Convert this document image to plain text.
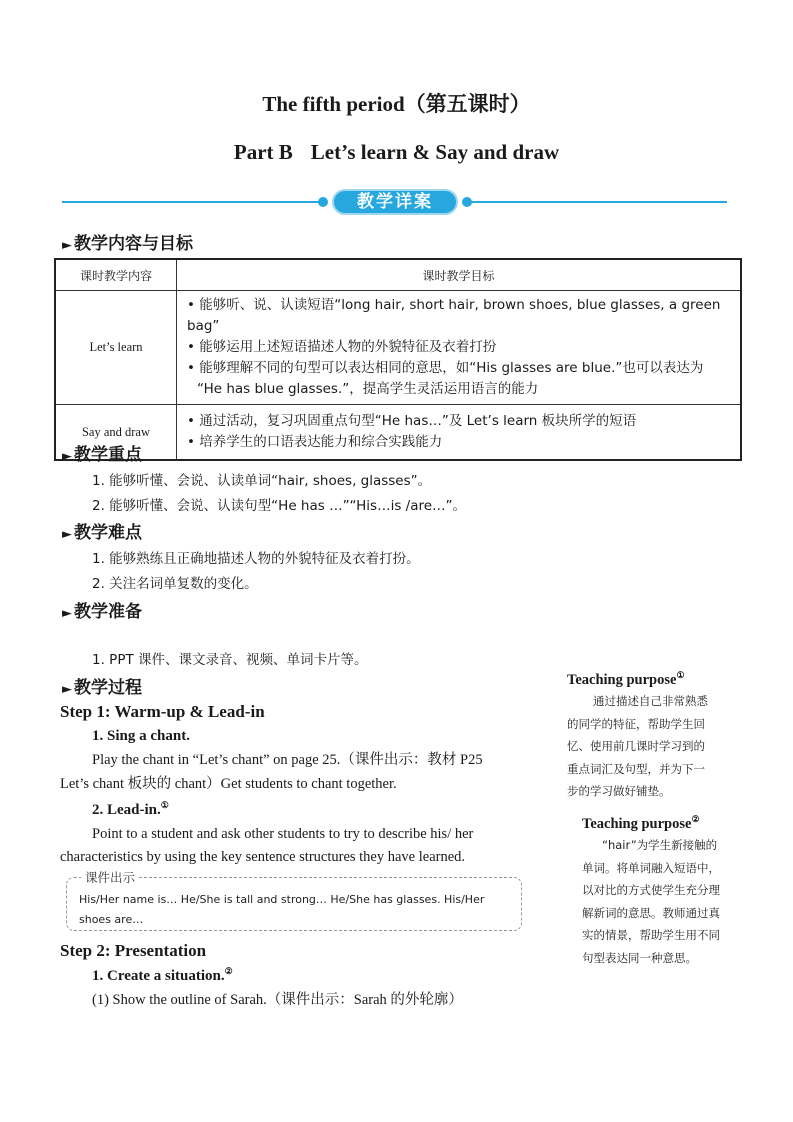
The fifth period（第五课时）
Part B Let’s learn & Say and draw
教学详案
► 教学内容与目标
课时教学内容	课时教学目标
Let’s learn	• 能够听、说、认读短语“long hair, short hair, brown shoes, blue glasses, a green bag”
• 能够运用上述短语描述人物的外貌特征及衣着打扮
• 能够理解不同的句型可以表达相同的意思，如“His glasses are blue.”也可以表达为
“He has blue glasses.”，提高学生灵活运用语言的能力

Say and draw	• 通过活动，复习巩固重点句型“He has…”及 Let’s learn 板块所学的短语
• 培养学生的口语表达能力和综合实践能力
► 教学重点
1. 能够听懂、会说、认读单词“hair, shoes, glasses”。
2. 能够听懂、会说、认读句型“He has …”“His…is /are…”。
► 教学难点
1. 能够熟练且正确地描述人物的外貌特征及衣着打扮。
2. 关注名词单复数的变化。
► 教学准备
1. PPT 课件、课文录音、视频、单词卡片等。
► 教学过程
Step 1: Warm-up & Lead-in
1. Sing a chant.
Play the chant in “Let’s chant” on page 25.（课件出示：教材 P25
Let’s chant 板块的 chant）Get students to chant together.
2. Lead-in.①
Point to a student and ask other students to try to describe his/ her
characteristics by using the key sentence structures they have learned.
课件出示
His/Her name is… He/She is tall and strong… He/She has glasses. His/Her
shoes are…
Step 2: Presentation
1. Create a situation.②
(1) Show the outline of Sarah.（课件出示：Sarah 的外轮廓）
Teaching purpose①
通过描述自己非常熟悉
的同学的特征，帮助学生回
忆、使用前几课时学习到的
重点词汇及句型，并为下一
步的学习做好铺垫。
Teaching purpose②
“hair”为学生新接触的
单词。将单词融入短语中，
以对比的方式使学生充分理
解新词的意思。教师通过真
实的情景，帮助学生用不同
句型表达同一种意思。
